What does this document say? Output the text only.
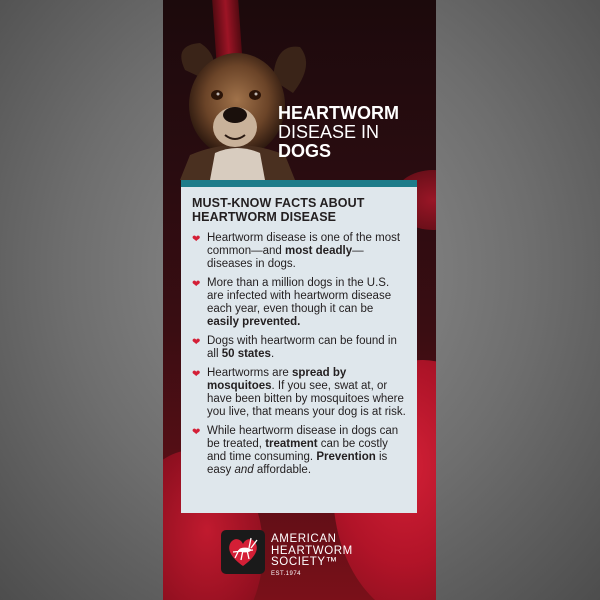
HEARTWORM
DISEASE IN
DOGS
MUST-KNOW FACTS ABOUT
HEARTWORM DISEASE
❤ Heartworm disease is one of the most common—and most deadly—diseases in dogs.
❤ More than a million dogs in the U.S. are infected with heartworm disease each year, even though it can be easily prevented.
❤ Dogs with heartworm can be found in all 50 states.
❤ Heartworms are spread by mosquitoes. If you see, swat at, or have been bitten by mosquitoes where you live, that means your dog is at risk.
❤ While heartworm disease in dogs can be treated, treatment can be costly and time consuming. Prevention is easy and affordable.
AMERICAN
HEARTWORM
SOCIETY™
EST.1974
